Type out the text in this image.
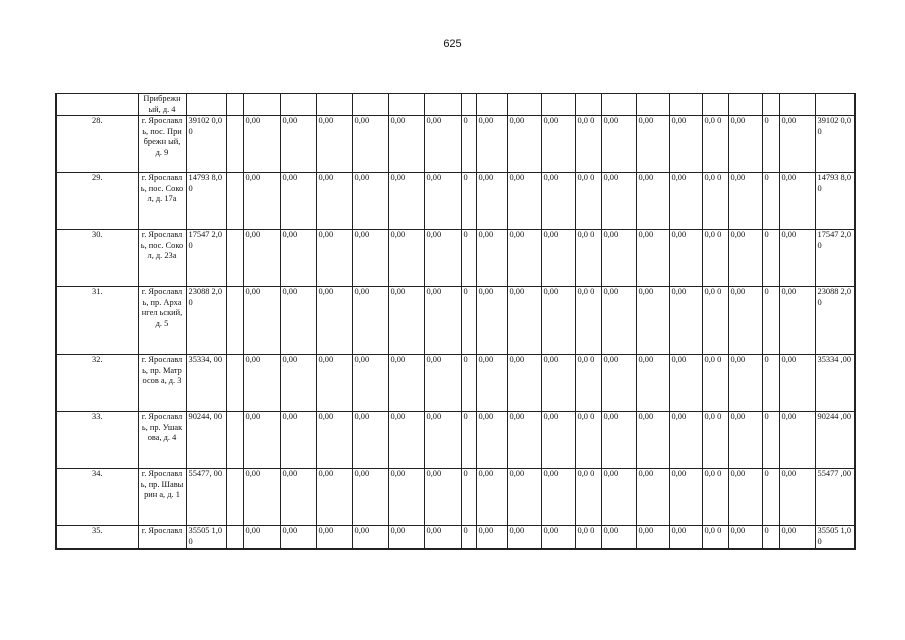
625
	Прибрежн ый, д. 4																					
28.	г. Ярославл ь, пос. Прибрежн ый, д. 9	39102 0,00		0,00	0,00	0,00	0,00	0,00	0,00	0	0,00	0,00	0,00	0,0 0	0,00	0,00	0,00	0,0 0	0,00	0	0,00	39102 0,00
29.	г. Ярославл ь, пос. Сокол, д. 17а	14793 8,00		0,00	0,00	0,00	0,00	0,00	0,00	0	0,00	0,00	0,00	0,0 0	0,00	0,00	0,00	0,0 0	0,00	0	0,00	14793 8,00
30.	г. Ярославл ь, пос. Сокол, д. 23а	17547 2,00		0,00	0,00	0,00	0,00	0,00	0,00	0	0,00	0,00	0,00	0,0 0	0,00	0,00	0,00	0,0 0	0,00	0	0,00	17547 2,00
31.	г. Ярославл ь, пр. Архангел ьский, д. 5	23088 2,00		0,00	0,00	0,00	0,00	0,00	0,00	0	0,00	0,00	0,00	0,0 0	0,00	0,00	0,00	0,0 0	0,00	0	0,00	23088 2,00
32.	г. Ярославл ь, пр. Матросов а, д. 3	35334, 00		0,00	0,00	0,00	0,00	0,00	0,00	0	0,00	0,00	0,00	0,0 0	0,00	0,00	0,00	0,0 0	0,00	0	0,00	35334 ,00
33.	г. Ярославл ь, пр. Ушакова, д. 4	90244, 00		0,00	0,00	0,00	0,00	0,00	0,00	0	0,00	0,00	0,00	0,0 0	0,00	0,00	0,00	0,0 0	0,00	0	0,00	90244 ,00
34.	г. Ярославл ь, пр. Шавырин а, д. 1	55477, 00		0,00	0,00	0,00	0,00	0,00	0,00	0	0,00	0,00	0,00	0,0 0	0,00	0,00	0,00	0,0 0	0,00	0	0,00	55477 ,00
35.	г. Ярославл	35505 1,00		0,00	0,00	0,00	0,00	0,00	0,00	0	0,00	0,00	0,00	0,0 0	0,00	0,00	0,00	0,0 0	0,00	0	0,00	35505 1,00
